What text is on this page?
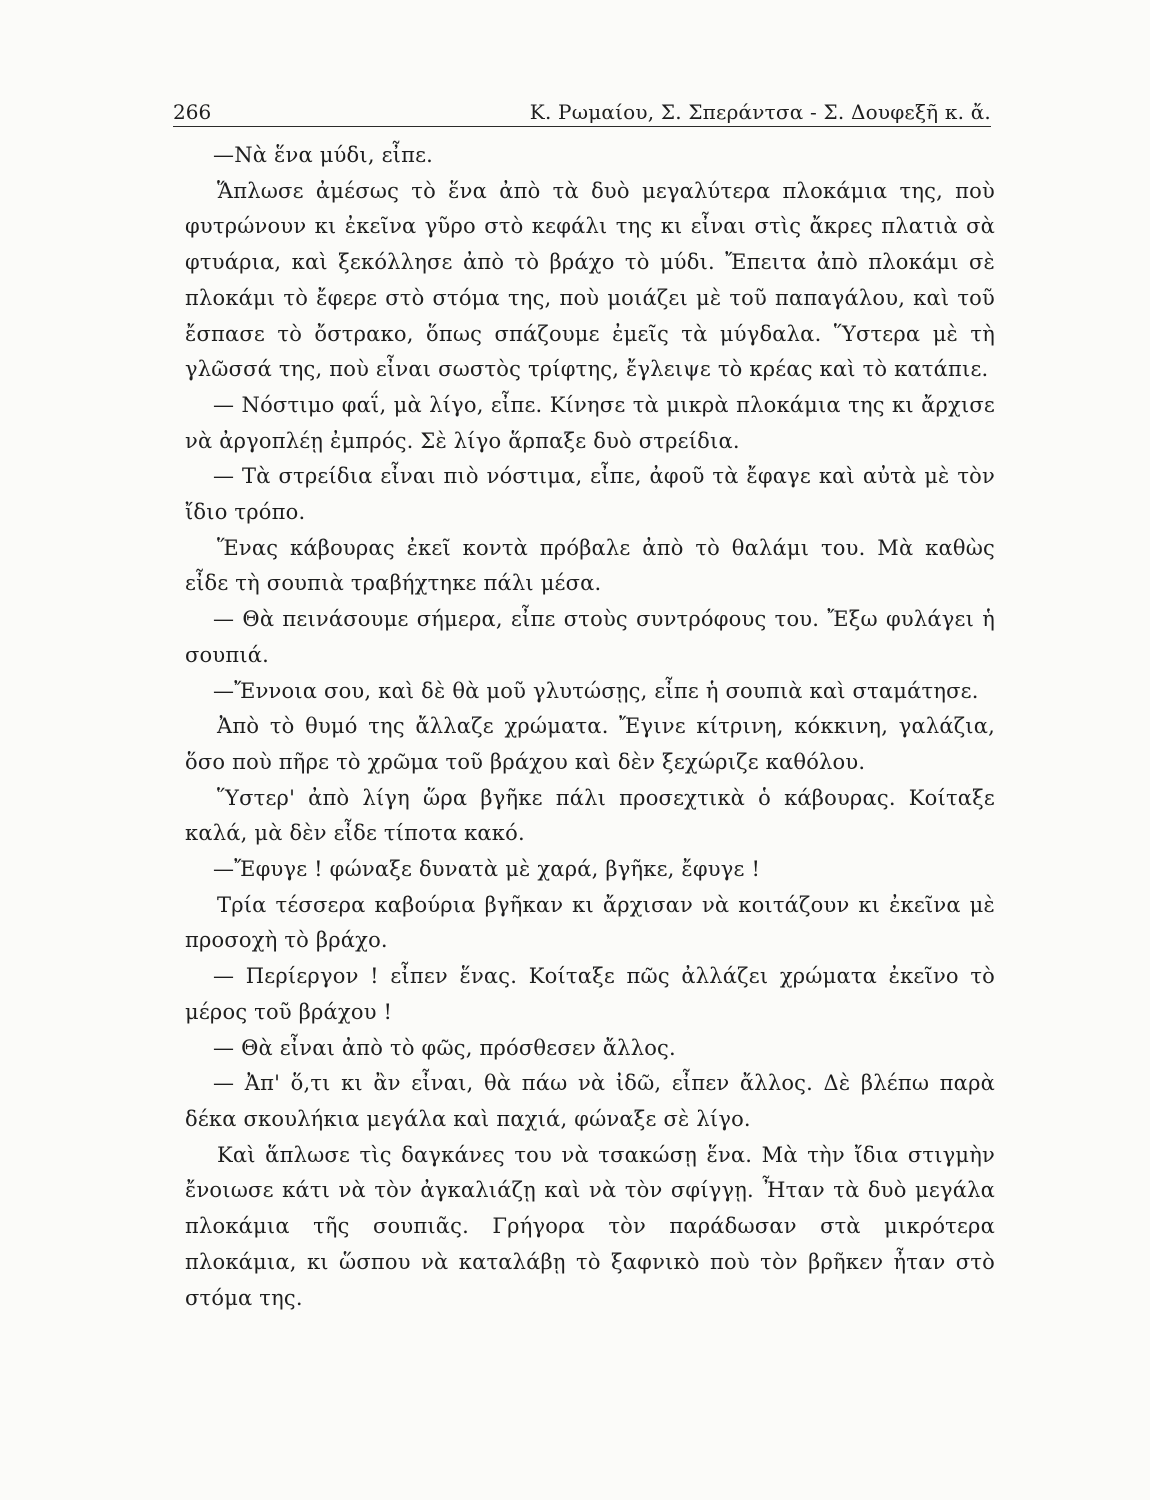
266	Κ. Ρωμαίου, Σ. Σπεράντσα - Σ. Δουφεξῆ κ. ἄ.

—Νὰ ἕνα μύδι, εἶπε.

Ἅπλωσε ἀμέσως τὸ ἕνα ἀπὸ τὰ δυὸ μεγαλύτερα πλοκάμια της, ποὺ φυτρώνουν κι ἐκεῖνα γῦρο στὸ κεφάλι της κι εἶναι στὶς ἄκρες πλατιὰ σὰ φτυάρια, καὶ ξεκόλλησε ἀπὸ τὸ βράχο τὸ μύδι. Ἔπειτα ἀπὸ πλοκάμι σὲ πλοκάμι τὸ ἔφερε στὸ στόμα της, ποὺ μοιάζει μὲ τοῦ παπαγάλου, καὶ τοῦ ἔσπασε τὸ ὄστρακο, ὅπως σπάζουμε ἐμεῖς τὰ μύγδαλα. Ὕστερα μὲ τὴ γλῶσσά της, ποὺ εἶναι σωστὸς τρίφτης, ἔγλειψε τὸ κρέας καὶ τὸ κατάπιε.

— Νόστιμο φαΐ, μὰ λίγο, εἶπε. Κίνησε τὰ μικρὰ πλοκάμια της κι ἄρχισε νὰ ἀργοπλέῃ ἐμπρός. Σὲ λίγο ἅρπαξε δυὸ στρείδια.

— Τὰ στρείδια εἶναι πιὸ νόστιμα, εἶπε, ἀφοῦ τὰ ἔφαγε καὶ αὐτὰ μὲ τὸν ἴδιο τρόπο.

Ἕνας κάβουρας ἐκεῖ κοντὰ πρόβαλε ἀπὸ τὸ θαλάμι του. Μὰ καθὼς εἶδε τὴ σουπιὰ τραβήχτηκε πάλι μέσα.

— Θὰ πεινάσουμε σήμερα, εἶπε στοὺς συντρόφους του. Ἔξω φυλάγει ἡ σουπιά.

—Ἔννοια σου, καὶ δὲ θὰ μοῦ γλυτώσῃς, εἶπε ἡ σουπιὰ καὶ σταμάτησε.

Ἀπὸ τὸ θυμό της ἄλλαζε χρώματα. Ἔγινε κίτρινη, κόκκινη, γαλάζια, ὅσο ποὺ πῆρε τὸ χρῶμα τοῦ βράχου καὶ δὲν ξεχώριζε καθόλου.

Ὕστερ' ἀπὸ λίγη ὥρα βγῆκε πάλι προσεχτικὰ ὁ κάβουρας. Κοίταξε καλά, μὰ δὲν εἶδε τίποτα κακό.

—Ἔφυγε ! φώναξε δυνατὰ μὲ χαρά, βγῆκε, ἔφυγε !

Τρία τέσσερα καβούρια βγῆκαν κι ἄρχισαν νὰ κοιτάζουν κι ἐκεῖνα μὲ προσοχὴ τὸ βράχο.

— Περίεργον ! εἶπεν ἕνας. Κοίταξε πῶς ἀλλάζει χρώματα ἐκεῖνο τὸ μέρος τοῦ βράχου !

— Θὰ εἶναι ἀπὸ τὸ φῶς, πρόσθεσεν ἄλλος.

— Ἀπ' ὅ,τι κι ἂν εἶναι, θὰ πάω νὰ ἰδῶ, εἶπεν ἄλλος. Δὲ βλέπω παρὰ δέκα σκουλήκια μεγάλα καὶ παχιά, φώναξε σὲ λίγο.

Καὶ ἅπλωσε τὶς δαγκάνες του νὰ τσακώσῃ ἕνα. Μὰ τὴν ἴδια στιγμὴν ἔνοιωσε κάτι νὰ τὸν ἀγκαλιάζῃ καὶ νὰ τὸν σφίγγῃ. Ἦταν τὰ δυὸ μεγάλα πλοκάμια τῆς σουπιᾶς. Γρήγορα τὸν παράδωσαν στὰ μικρότερα πλοκάμια, κι ὥσπου νὰ καταλάβῃ τὸ ξαφνικὸ ποὺ τὸν βρῆκεν ἦταν στὸ στόμα της.
